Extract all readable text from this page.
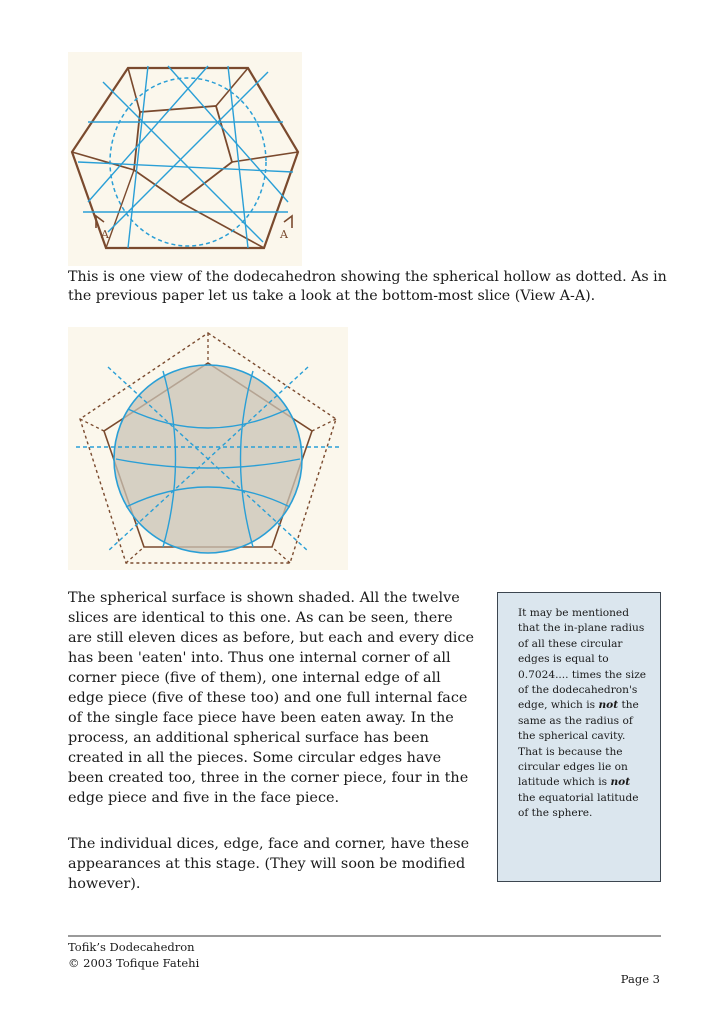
A	A

This is one view of the dodecahedron showing the spherical hollow as dotted. As in the previous paper let us take a look at the bottom-most slice (View A-A).

The spherical surface is shown shaded. All the twelve slices are identical to this one. As can be seen, there are still eleven dices as before, but each and every dice has been 'eaten' into. Thus one internal corner of all corner piece (five of them), one internal edge of all edge piece (five of these too) and one full internal face of the single face piece have been eaten away. In the process, an additional spherical surface has been created in all the pieces. Some circular edges have been created too, three in the corner piece, four in the edge piece and five in the face piece.

The individual dices, edge, face and corner, have these appearances at this stage. (They will soon be modified however).

It may be mentioned that the in-plane radius of all these circular edges is equal to 0.7024.... times the size of the dodecahedron's edge, which is not the same as the radius of the spherical cavity. That is because the circular edges lie on latitude which is not the equatorial latitude of the sphere.
Tofik’s Dodecahedron
© 2003 Tofique Fatehi
Page 3
